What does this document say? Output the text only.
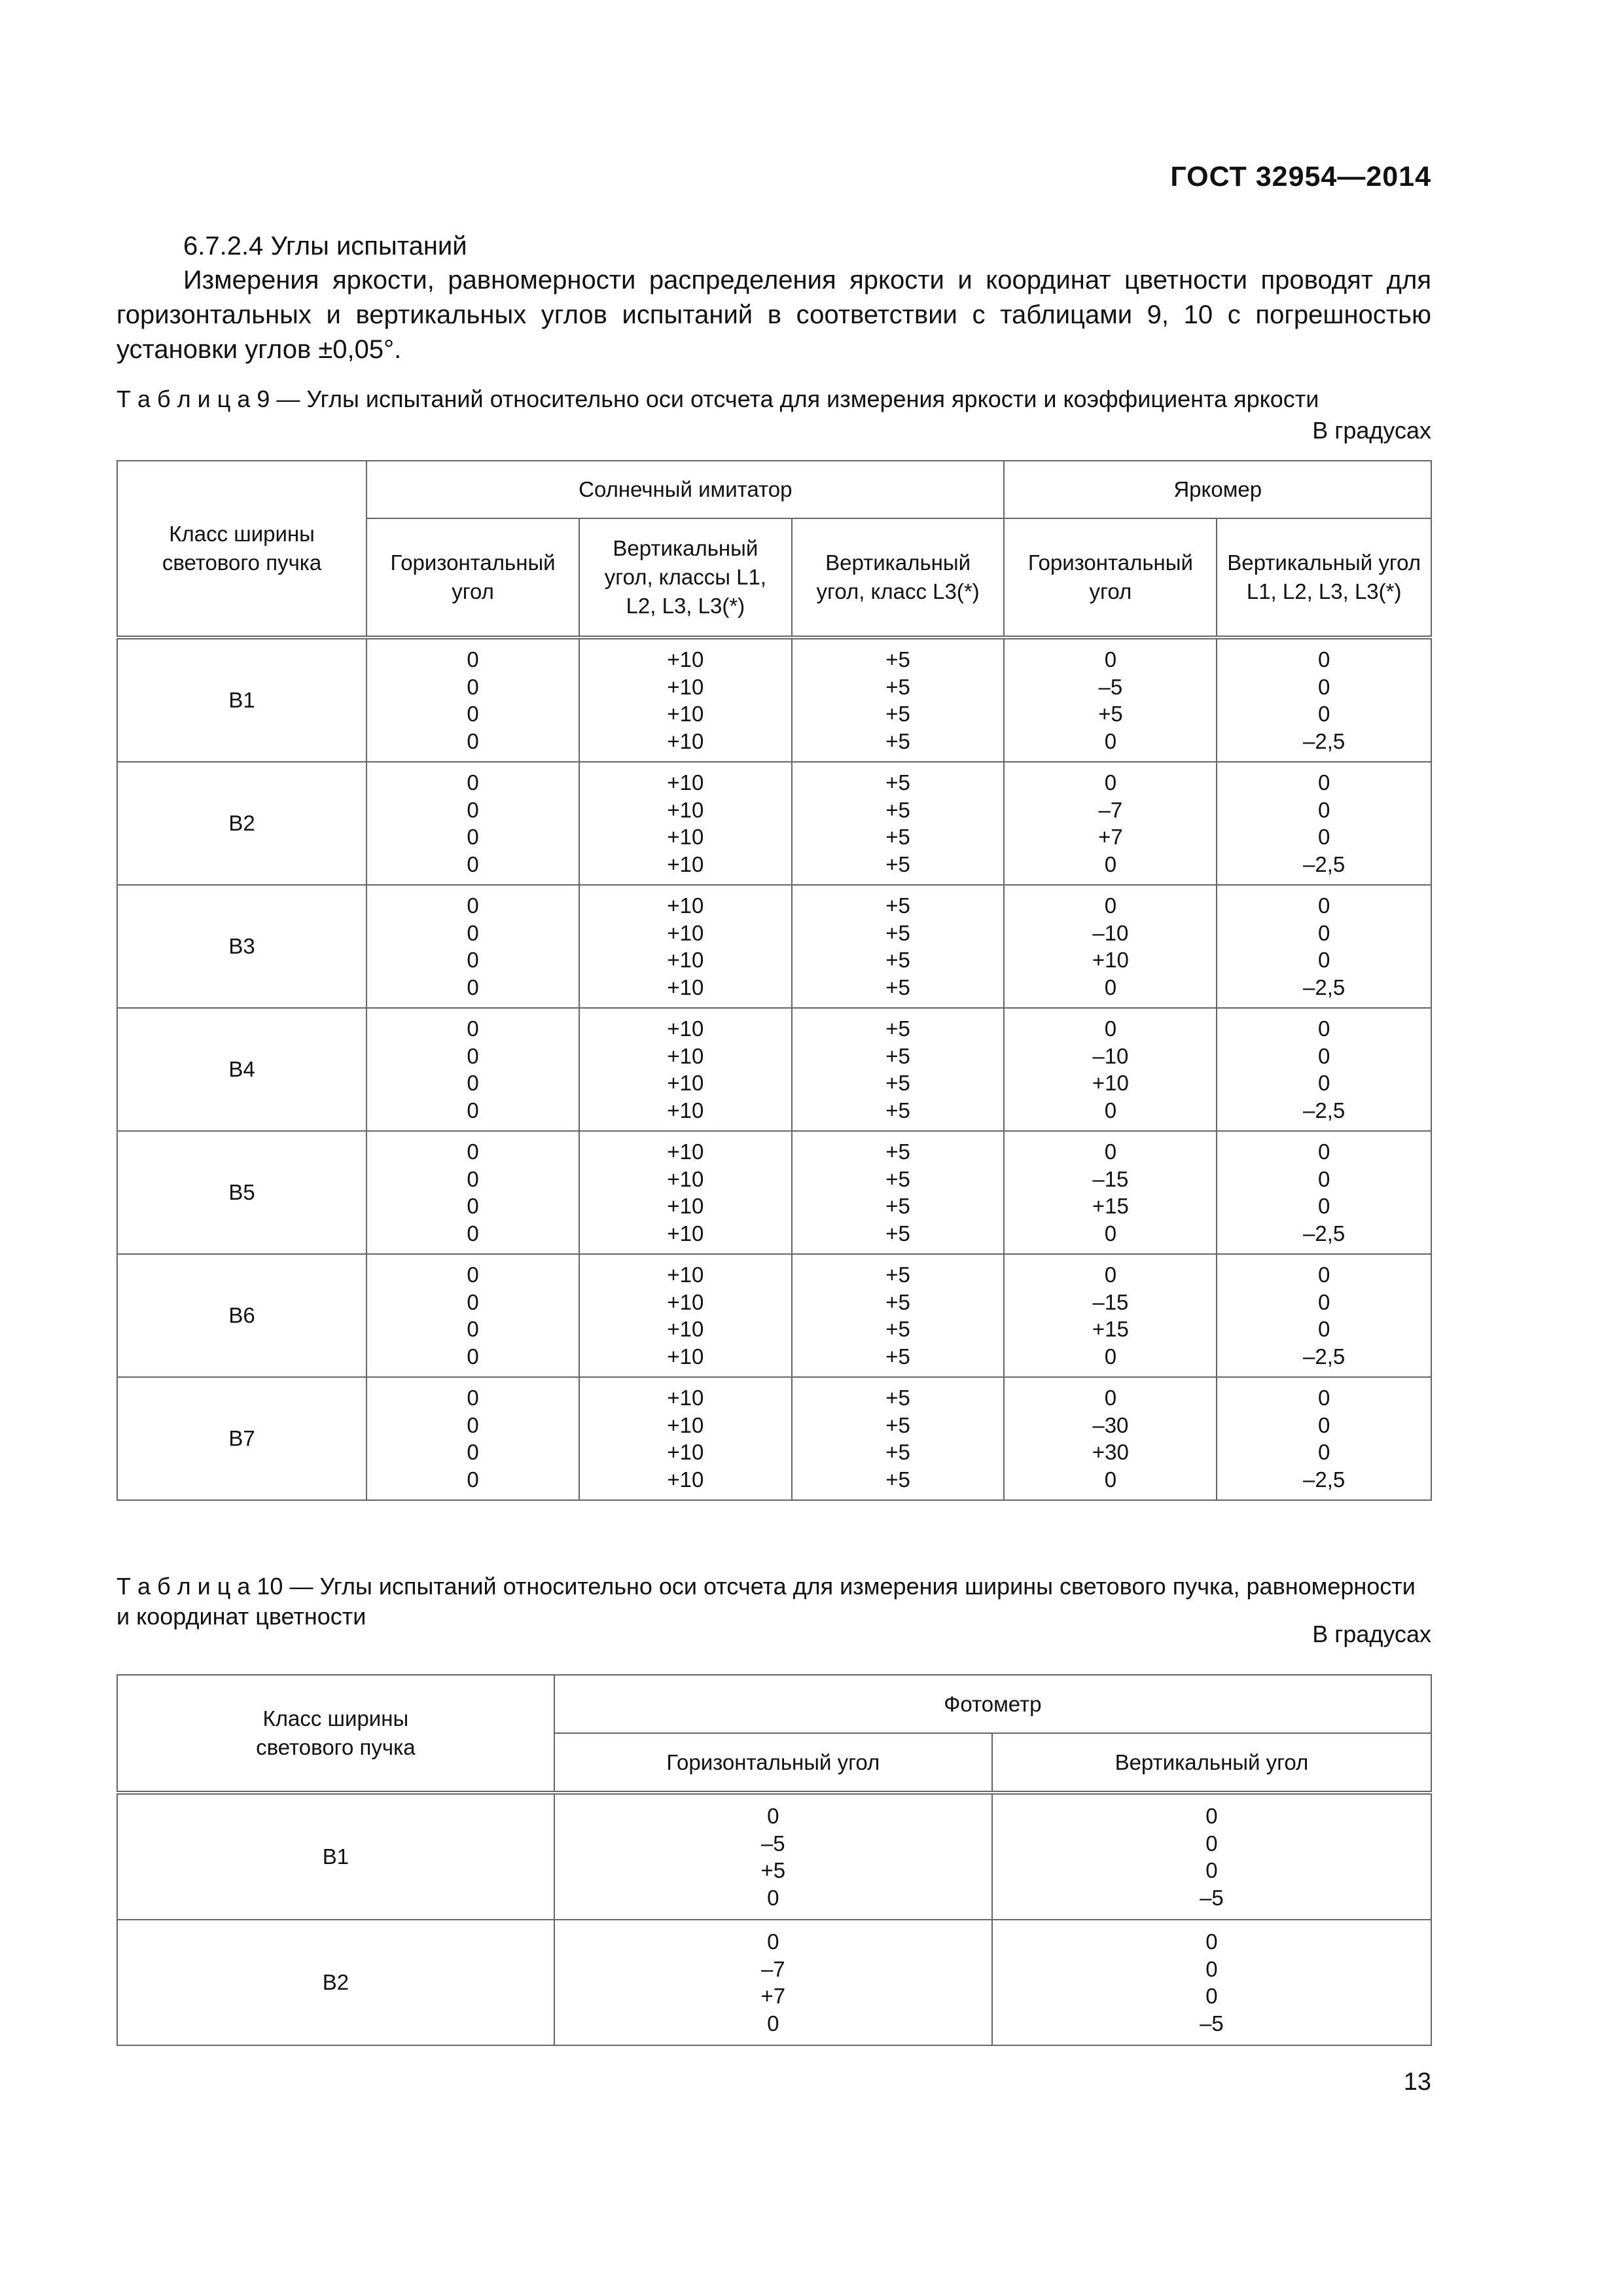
ГОСТ 32954—2014
6.7.2.4 Углы испытаний
Измерения яркости, равномерности распределения яркости и координат цветности проводят для горизонтальных и вертикальных углов испытаний в соответствии с таблицами 9, 10 с погрешностью установки углов ±0,05°.
Т а б л и ц а 9 — Углы испытаний относительно оси отсчета для измерения яркости и коэффициента яркости
В градусах
Класс ширины светового пучка	Солнечный имитатор			Яркомер	
	Горизонтальный угол	Вертикальный угол, классы L1, L2, L3, L3(*)	Вертикальный угол, класс L3(*)	Горизонтальный угол	Вертикальный угол L1, L2, L3, L3(*)

B1	0
0
0
0	+10
+10
+10
+10	+5
+5
+5
+5	0
–5
+5
0	0
0
0
–2,5

B2	0
0
0
0	+10
+10
+10
+10	+5
+5
+5
+5	0
–7
+7
0	0
0
0
–2,5

B3	0
0
0
0	+10
+10
+10
+10	+5
+5
+5
+5	0
–10
+10
0	0
0
0
–2,5

B4	0
0
0
0	+10
+10
+10
+10	+5
+5
+5
+5	0
–10
+10
0	0
0
0
–2,5

B5	0
0
0
0	+10
+10
+10
+10	+5
+5
+5
+5	0
–15
+15
0	0
0
0
–2,5

B6	0
0
0
0	+10
+10
+10
+10	+5
+5
+5
+5	0
–15
+15
0	0
0
0
–2,5

B7	0
0
0
0	+10
+10
+10
+10	+5
+5
+5
+5	0
–30
+30
0	0
0
0
–2,5
Т а б л и ц а 10 — Углы испытаний относительно оси отсчета для измерения ширины светового пучка, равномерности и координат цветности
В градусах
Класс ширины светового пучка	Фотометр	
	Горизонтальный угол	Вертикальный угол

B1	0
–5
+5
0	0
0
0
–5

B2	0
–7
+7
0	0
0
0
–5
13
